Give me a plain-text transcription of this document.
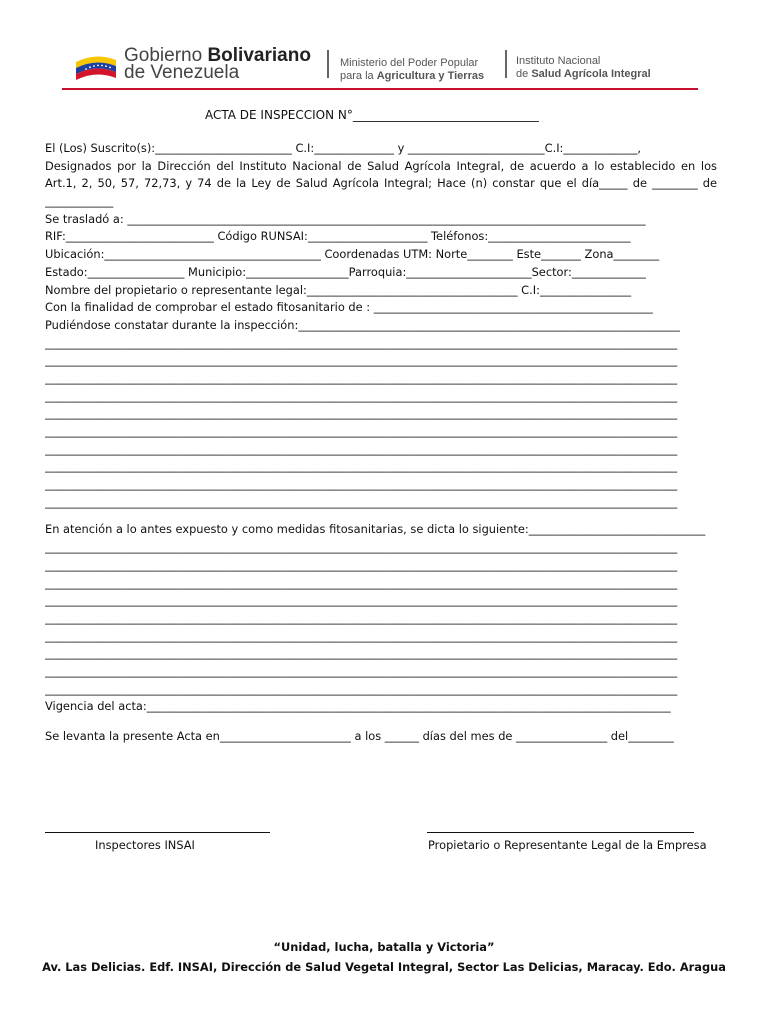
Gobierno Bolivariano
de Venezuela	Ministerio del Poder Popular
para la Agricultura y Tierras
Instituto Nacional
de Salud Agrícola Integral
ACTA DE INSPECCION N°_______________________________
El (Los) Suscrito(s):________________________ C.I:______________ y ________________________C.I:_____________,
Designados por la Dirección del Instituto Nacional de Salud Agrícola Integral, de acuerdo a lo establecido en los Art.1, 2, 50, 57, 72,73, y 74 de la Ley de Salud Agrícola Integral; Hace (n) constar que el día_____ de ________ de ____________
Se trasladó a: ___________________________________________________________________________________________
RIF:__________________________ Código RUNSAI:_____________________ Teléfonos:_________________________
Ubicación:______________________________________ Coordenadas UTM: Norte________ Este_______ Zona________
Estado:_________________ Municipio:__________________Parroquia:______________________Sector:_____________
Nombre del propietario o representante legal:_____________________________________ C.I:________________
Con la finalidad de comprobar el estado fitosanitario de : _________________________________________________
Pudiéndose constatar durante la inspección:___________________________________________________________________
_______________________________________________________________________________________________________________
_______________________________________________________________________________________________________________
_______________________________________________________________________________________________________________
_______________________________________________________________________________________________________________
_______________________________________________________________________________________________________________
_______________________________________________________________________________________________________________
_______________________________________________________________________________________________________________
_______________________________________________________________________________________________________________
_______________________________________________________________________________________________________________
_______________________________________________________________________________________________________________
En atención a lo antes expuesto y como medidas fitosanitarias, se dicta lo siguiente:_______________________________
_______________________________________________________________________________________________________________
_______________________________________________________________________________________________________________
_______________________________________________________________________________________________________________
_______________________________________________________________________________________________________________
_______________________________________________________________________________________________________________
_______________________________________________________________________________________________________________
_______________________________________________________________________________________________________________
_______________________________________________________________________________________________________________
_______________________________________________________________________________________________________________
Vigencia del acta:____________________________________________________________________________________________
Se levanta la presente Acta en_______________________ a los ______ días del mes de ________________ del________
Inspectores INSAI	Propietario o Representante Legal de la Empresa
“Unidad, lucha, batalla y Victoria”
Av. Las Delicias. Edf. INSAI, Dirección de Salud Vegetal Integral, Sector Las Delicias, Maracay. Edo. Aragua
